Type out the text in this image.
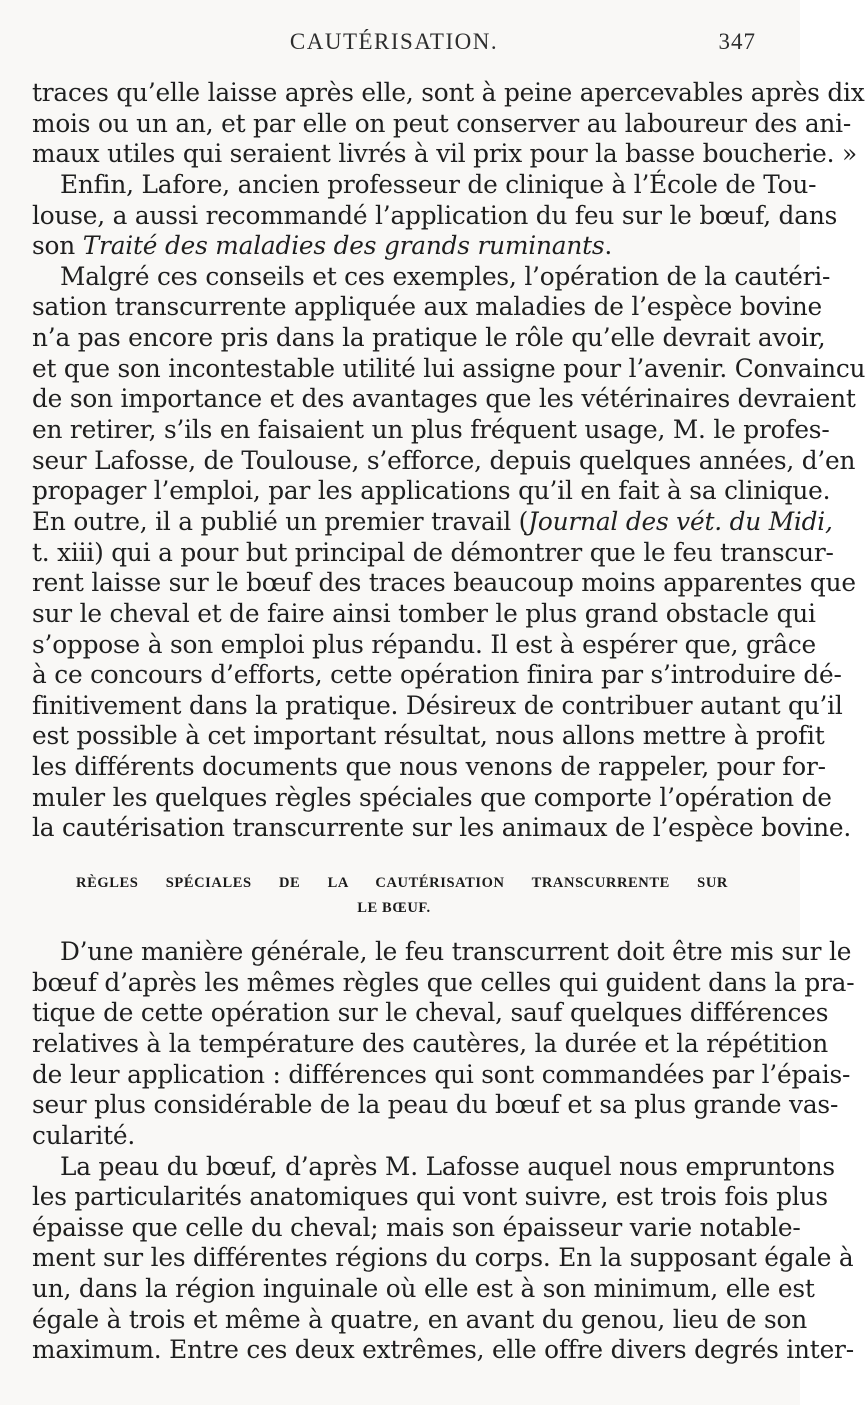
CAUTÉRISATION.	347
traces qu’elle laisse après elle, sont à peine apercevables après dix
mois ou un an, et par elle on peut conserver au laboureur des ani-
maux utiles qui seraient livrés à vil prix pour la basse boucherie. »
Enfin, Lafore, ancien professeur de clinique à l’École de Tou-
louse, a aussi recommandé l’application du feu sur le bœuf, dans
son Traité des maladies des grands ruminants.
Malgré ces conseils et ces exemples, l’opération de la cautéri-
sation transcurrente appliquée aux maladies de l’espèce bovine
n’a pas encore pris dans la pratique le rôle qu’elle devrait avoir,
et que son incontestable utilité lui assigne pour l’avenir. Convaincu
de son importance et des avantages que les vétérinaires devraient
en retirer, s’ils en faisaient un plus fréquent usage, M. le profes-
seur Lafosse, de Toulouse, s’efforce, depuis quelques années, d’en
propager l’emploi, par les applications qu’il en fait à sa clinique.
En outre, il a publié un premier travail (Journal des vét. du Midi,
t. xiii) qui a pour but principal de démontrer que le feu transcur-
rent laisse sur le bœuf des traces beaucoup moins apparentes que
sur le cheval et de faire ainsi tomber le plus grand obstacle qui
s’oppose à son emploi plus répandu. Il est à espérer que, grâce
à ce concours d’efforts, cette opération finira par s’introduire dé-
finitivement dans la pratique. Désireux de contribuer autant qu’il
est possible à cet important résultat, nous allons mettre à profit
les différents documents que nous venons de rappeler, pour for-
muler les quelques règles spéciales que comporte l’opération de
la cautérisation transcurrente sur les animaux de l’espèce bovine.
RÈGLES SPÉCIALES DE LA CAUTÉRISATION TRANSCURRENTE SUR
LE BŒUF.
D’une manière générale, le feu transcurrent doit être mis sur le
bœuf d’après les mêmes règles que celles qui guident dans la pra-
tique de cette opération sur le cheval, sauf quelques différences
relatives à la température des cautères, la durée et la répétition
de leur application : différences qui sont commandées par l’épais-
seur plus considérable de la peau du bœuf et sa plus grande vas-
cularité.
La peau du bœuf, d’après M. Lafosse auquel nous empruntons
les particularités anatomiques qui vont suivre, est trois fois plus
épaisse que celle du cheval; mais son épaisseur varie notable-
ment sur les différentes régions du corps. En la supposant égale à
un, dans la région inguinale où elle est à son minimum, elle est
égale à trois et même à quatre, en avant du genou, lieu de son
maximum. Entre ces deux extrêmes, elle offre divers degrés inter-
